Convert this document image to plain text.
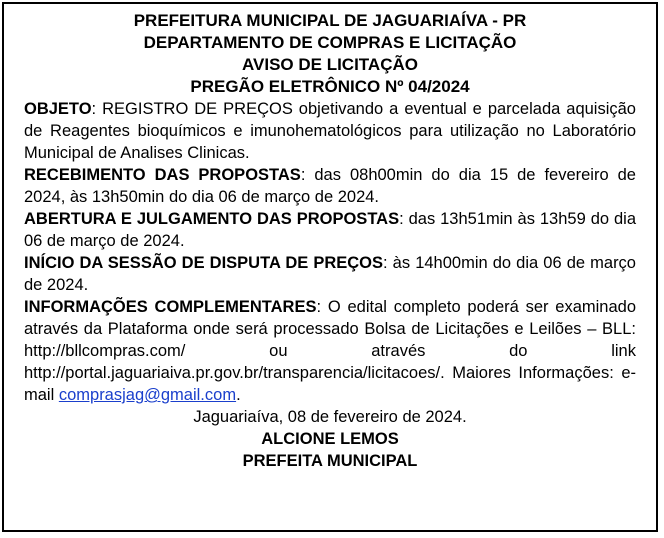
PREFEITURA MUNICIPAL DE JAGUARIAÍVA - PR
DEPARTAMENTO DE COMPRAS E LICITAÇÃO
AVISO DE LICITAÇÃO
PREGÃO ELETRÔNICO Nº 04/2024

OBJETO: REGISTRO DE PREÇOS objetivando a eventual e parcelada aquisição de Reagentes bioquímicos e imunohematológicos para utilização no Laboratório Municipal de Analises Clinicas.

RECEBIMENTO DAS PROPOSTAS: das 08h00min do dia 15 de fevereiro de 2024, às 13h50min do dia 06 de março de 2024.

ABERTURA E JULGAMENTO DAS PROPOSTAS: das 13h51min às 13h59 do dia 06 de março de 2024.

INÍCIO DA SESSÃO DE DISPUTA DE PREÇOS: às 14h00min do dia 06 de março de 2024.

INFORMAÇÕES COMPLEMENTARES: O edital completo poderá ser examinado através da Plataforma onde será processado Bolsa de Licitações e Leilões – BLL: http://bllcompras.com/ ou através do link http://portal.jaguariaiva.pr.gov.br/transparencia/licitacoes/. Maiores Informações: e-mail comprasjag@gmail.com.

Jaguariaíva, 08 de fevereiro de 2024.
ALCIONE LEMOS
PREFEITA MUNICIPAL
